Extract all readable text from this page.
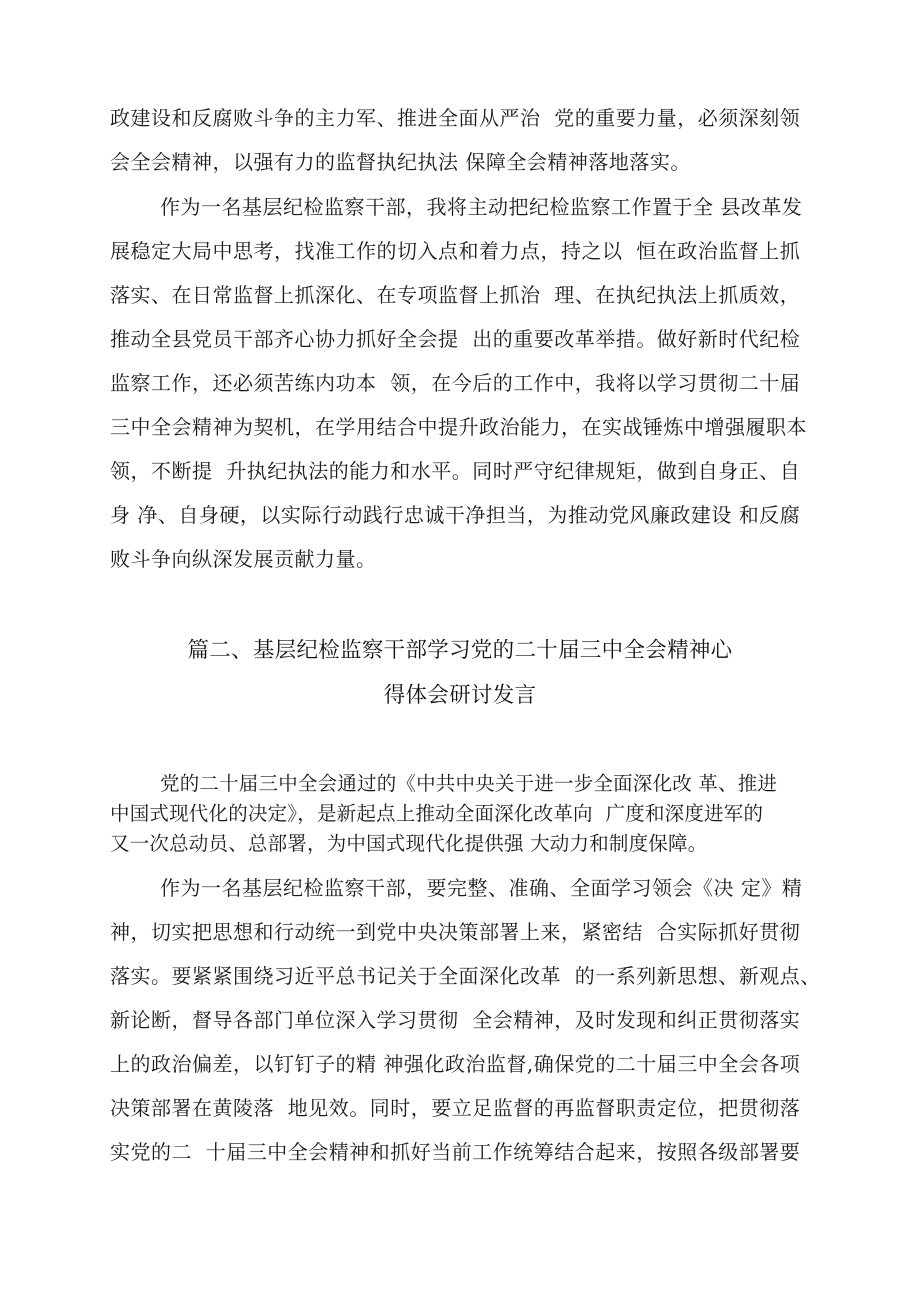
政建设和反腐败斗争的主力军、推进全面从严治  党的重要力量，必须深刻领
会全会精神，以强有力的监督执纪执法 保障全会精神落地落实。
作为一名基层纪检监察干部，我将主动把纪检监察工作置于全 县改革发
展稳定大局中思考，找准工作的切入点和着力点，持之以  恒在政治监督上抓
落实、在日常监督上抓深化、在专项监督上抓治  理、在执纪执法上抓质效，
推动全县党员干部齐心协力抓好全会提  出的重要改革举措。做好新时代纪检
监察工作，还必须苦练内功本  领，在今后的工作中，我将以学习贯彻二十届
三中全会精神为契机，在学用结合中提升政治能力，在实战锤炼中增强履职本
领，不断提  升执纪执法的能力和水平。同时严守纪律规矩，做到自身正、自
身 净、自身硬，以实际行动践行忠诚干净担当，为推动党风廉政建设 和反腐
败斗争向纵深发展贡献力量。
篇二、基层纪检监察干部学习党的二十届三中全会精神心
得体会研讨发言
党的二十届三中全会通过的《中共中央关于进一步全面深化改 革、推进
中国式现代化的决定》，是新起点上推动全面深化改革向  广度和深度进军的
又一次总动员、总部署，为中国式现代化提供强 大动力和制度保障。
作为一名基层纪检监察干部，要完整、准确、全面学习领会《决 定》精
神，切实把思想和行动统一到党中央决策部署上来，紧密结  合实际抓好贯彻
落实。要紧紧围绕习近平总书记关于全面深化改革  的一系列新思想、新观点、
新论断，督导各部门单位深入学习贯彻  全会精神，及时发现和纠正贯彻落实
上的政治偏差，以钉钉子的精 神强化政治监督,确保党的二十届三中全会各项
决策部署在黄陵落  地见效。同时，要立足监督的再监督职责定位，把贯彻落
实党的二  十届三中全会精神和抓好当前工作统筹结合起来，按照各级部署要
